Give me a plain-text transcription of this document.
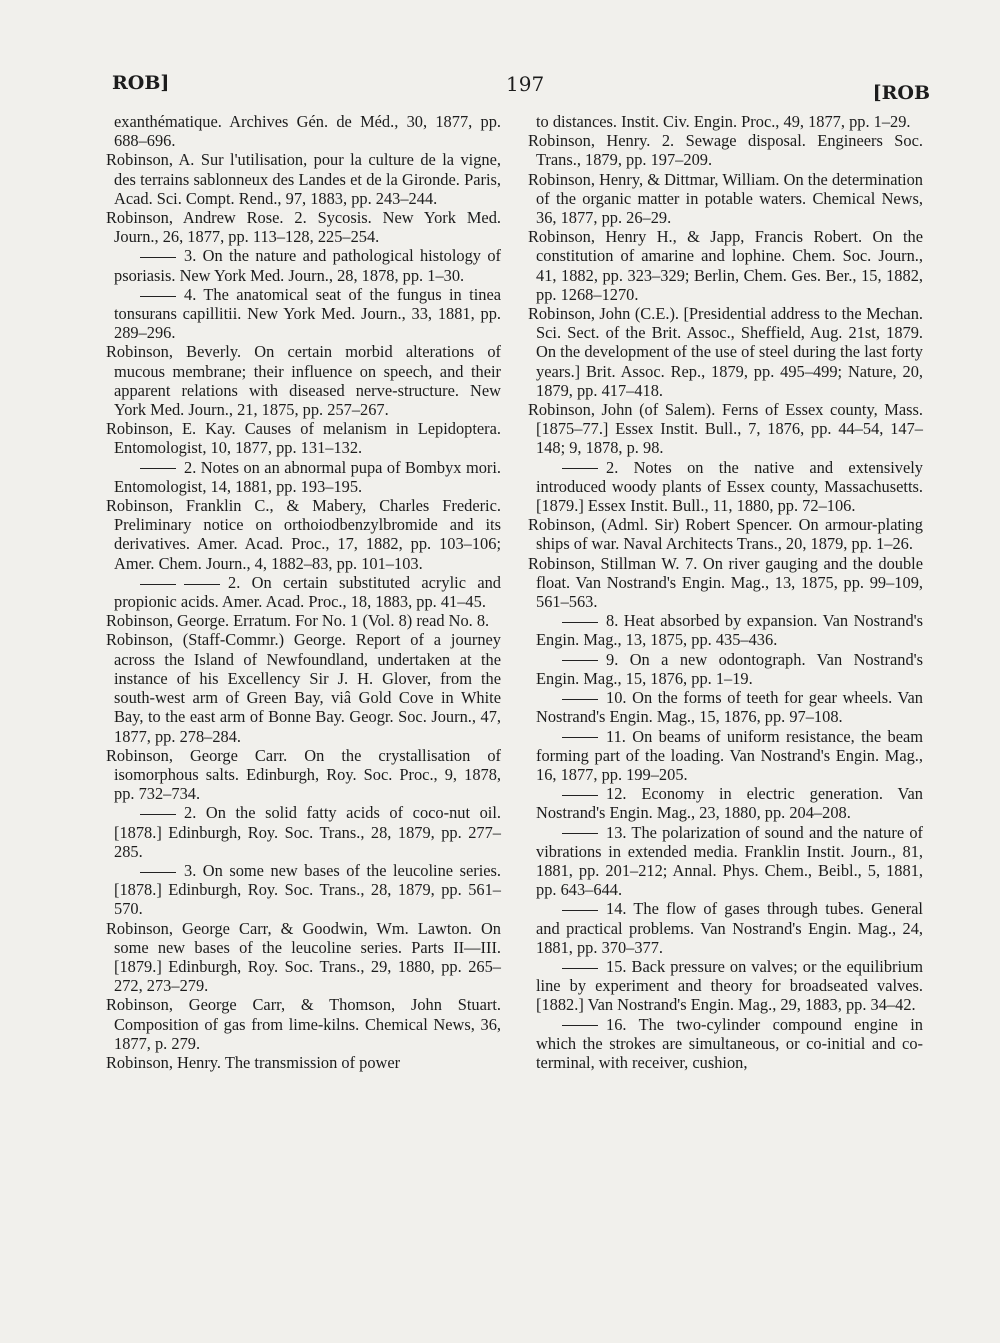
ROB]	197	[ROB

exanthématique. Archives Gén. de Méd., 30, 1877, pp. 688–696.

Robinson, A. Sur l'utilisation, pour la culture de la vigne, des terrains sablonneux des Landes et de la Gironde. Paris, Acad. Sci. Compt. Rend., 97, 1883, pp. 243–244.

Robinson, Andrew Rose. 2. Sycosis. New York Med. Journ., 26, 1877, pp. 113–128, 225–254.

3. On the nature and pathological histology of psoriasis. New York Med. Journ., 28, 1878, pp. 1–30.

4. The anatomical seat of the fungus in tinea tonsurans capillitii. New York Med. Journ., 33, 1881, pp. 289–296.

Robinson, Beverly. On certain morbid alterations of mucous membrane; their influence on speech, and their apparent relations with diseased nerve-structure. New York Med. Journ., 21, 1875, pp. 257–267.

Robinson, E. Kay. Causes of melanism in Lepidoptera. Entomologist, 10, 1877, pp. 131–132.

2. Notes on an abnormal pupa of Bombyx mori. Entomologist, 14, 1881, pp. 193–195.

Robinson, Franklin C., & Mabery, Charles Frederic. Preliminary notice on orthoiodbenzylbromide and its derivatives. Amer. Acad. Proc., 17, 1882, pp. 103–106; Amer. Chem. Journ., 4, 1882–83, pp. 101–103.

2. On certain substituted acrylic and propionic acids. Amer. Acad. Proc., 18, 1883, pp. 41–45.

Robinson, George. Erratum. For No. 1 (Vol. 8) read No. 8.

Robinson, (Staff-Commr.) George. Report of a journey across the Island of Newfoundland, undertaken at the instance of his Excellency Sir J. H. Glover, from the south-west arm of Green Bay, viâ Gold Cove in White Bay, to the east arm of Bonne Bay. Geogr. Soc. Journ., 47, 1877, pp. 278–284.

Robinson, George Carr. On the crystallisation of isomorphous salts. Edinburgh, Roy. Soc. Proc., 9, 1878, pp. 732–734.

2. On the solid fatty acids of coco-nut oil. [1878.] Edinburgh, Roy. Soc. Trans., 28, 1879, pp. 277–285.

3. On some new bases of the leucoline series. [1878.] Edinburgh, Roy. Soc. Trans., 28, 1879, pp. 561–570.

Robinson, George Carr, & Goodwin, Wm. Lawton. On some new bases of the leucoline series. Parts II—III. [1879.] Edinburgh, Roy. Soc. Trans., 29, 1880, pp. 265–272, 273–279.

Robinson, George Carr, & Thomson, John Stuart. Composition of gas from lime-kilns. Chemical News, 36, 1877, p. 279.

Robinson, Henry. The transmission of power

to distances. Instit. Civ. Engin. Proc., 49, 1877, pp. 1–29.

Robinson, Henry. 2. Sewage disposal. Engineers Soc. Trans., 1879, pp. 197–209.

Robinson, Henry, & Dittmar, William. On the determination of the organic matter in potable waters. Chemical News, 36, 1877, pp. 26–29.

Robinson, Henry H., & Japp, Francis Robert. On the constitution of amarine and lophine. Chem. Soc. Journ., 41, 1882, pp. 323–329; Berlin, Chem. Ges. Ber., 15, 1882, pp. 1268–1270.

Robinson, John (C.E.). [Presidential address to the Mechan. Sci. Sect. of the Brit. Assoc., Sheffield, Aug. 21st, 1879. On the development of the use of steel during the last forty years.] Brit. Assoc. Rep., 1879, pp. 495–499; Nature, 20, 1879, pp. 417–418.

Robinson, John (of Salem). Ferns of Essex county, Mass. [1875–77.] Essex Instit. Bull., 7, 1876, pp. 44–54, 147–148; 9, 1878, p. 98.

2. Notes on the native and extensively introduced woody plants of Essex county, Massachusetts. [1879.] Essex Instit. Bull., 11, 1880, pp. 72–106.

Robinson, (Adml. Sir) Robert Spencer. On armour-plating ships of war. Naval Architects Trans., 20, 1879, pp. 1–26.

Robinson, Stillman W. 7. On river gauging and the double float. Van Nostrand's Engin. Mag., 13, 1875, pp. 99–109, 561–563.

8. Heat absorbed by expansion. Van Nostrand's Engin. Mag., 13, 1875, pp. 435–436.

9. On a new odontograph. Van Nostrand's Engin. Mag., 15, 1876, pp. 1–19.

10. On the forms of teeth for gear wheels. Van Nostrand's Engin. Mag., 15, 1876, pp. 97–108.

11. On beams of uniform resistance, the beam forming part of the loading. Van Nostrand's Engin. Mag., 16, 1877, pp. 199–205.

12. Economy in electric generation. Van Nostrand's Engin. Mag., 23, 1880, pp. 204–208.

13. The polarization of sound and the nature of vibrations in extended media. Franklin Instit. Journ., 81, 1881, pp. 201–212; Annal. Phys. Chem., Beibl., 5, 1881, pp. 643–644.

14. The flow of gases through tubes. General and practical problems. Van Nostrand's Engin. Mag., 24, 1881, pp. 370–377.

15. Back pressure on valves; or the equilibrium line by experiment and theory for broadseated valves. [1882.] Van Nostrand's Engin. Mag., 29, 1883, pp. 34–42.

16. The two-cylinder compound engine in which the strokes are simultaneous, or co-initial and co-terminal, with receiver, cushion,
